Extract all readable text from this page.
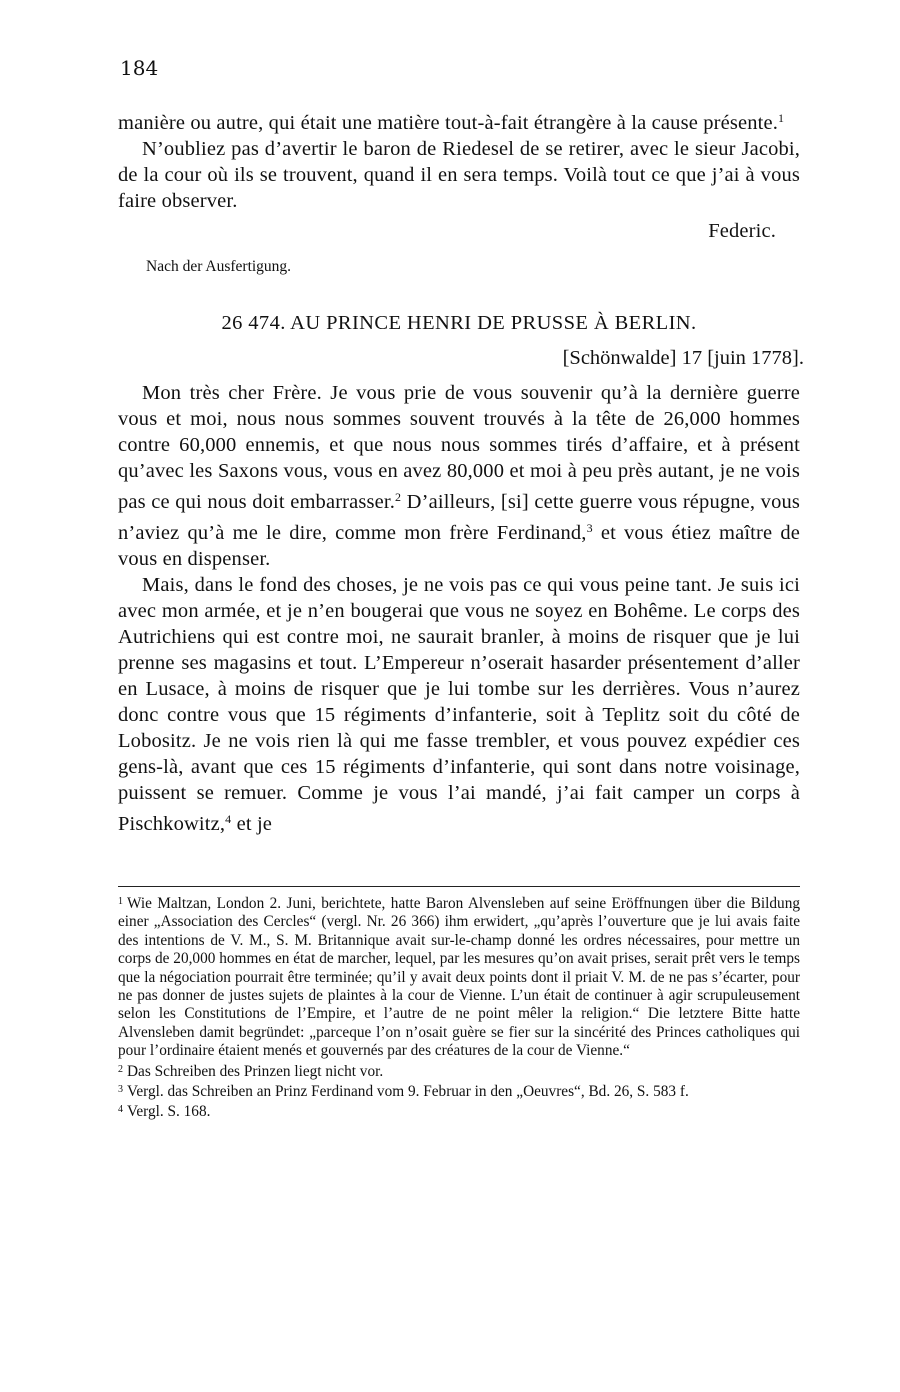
184

manière ou autre, qui était une matière tout-à-fait étrangère à la cause présente.$^1$

N’oubliez pas d’avertir le baron de Riedesel de se retirer, avec le sieur Jacobi, de la cour où ils se trouvent, quand il en sera temps. Voilà tout ce que j’ai à vous faire observer.

Federic.

Nach der Ausfertigung.
26 474. AU PRINCE HENRI DE PRUSSE À BERLIN.
[Schönwalde] 17 [juin 1778].

Mon très cher Frère. Je vous prie de vous souvenir qu’à la dernière guerre vous et moi, nous nous sommes souvent trouvés à la tête de 26,000 hommes contre 60,000 ennemis, et que nous nous sommes tirés d’affaire, et à présent qu’avec les Saxons vous, vous en avez 80,000 et moi à peu près autant, je ne vois pas ce qui nous doit embarrasser.$^2$ D’ailleurs, [si] cette guerre vous répugne, vous n’aviez qu’à me le dire, comme mon frère Ferdinand,$^3$ et vous étiez maître de vous en dispenser.

Mais, dans le fond des choses, je ne vois pas ce qui vous peine tant. Je suis ici avec mon armée, et je n’en bougerai que vous ne soyez en Bohême. Le corps des Autrichiens qui est contre moi, ne saurait branler, à moins de risquer que je lui prenne ses magasins et tout. L’Empereur n’oserait hasarder présentement d’aller en Lusace, à moins de risquer que je lui tombe sur les derrières. Vous n’aurez donc contre vous que 15 régiments d’infanterie, soit à Teplitz soit du côté de Lobositz. Je ne vois rien là qui me fasse trembler, et vous pouvez expédier ces gens-là, avant que ces 15 régiments d’infanterie, qui sont dans notre voisinage, puissent se remuer. Comme je vous l’ai mandé, j’ai fait camper un corps à Pischkowitz,$^4$ et je

$^1$ Wie Maltzan, London 2. Juni, berichtete, hatte Baron Alvensleben auf seine Eröffnungen über die Bildung einer „Association des Cercles“ (vergl. Nr. 26 366) ihm erwidert, „qu’après l’ouverture que je lui avais faite des intentions de V. M., S. M. Britannique avait sur-le-champ donné les ordres nécessaires, pour mettre un corps de 20,000 hommes en état de marcher, lequel, par les mesures qu’on avait prises, serait prêt vers le temps que la négociation pourrait être terminée; qu’il y avait deux points dont il priait V. M. de ne pas s’écarter, pour ne pas donner de justes sujets de plaintes à la cour de Vienne. L’un était de continuer à agir scrupuleusement selon les Constitutions de l’Empire, et l’autre de ne point mêler la religion.“ Die letztere Bitte hatte Alvensleben damit begründet: „parceque l’on n’osait guère se fier sur la sincérité des Princes catholiques qui pour l’ordinaire étaient menés et gouvernés par des créatures de la cour de Vienne.“

$^2$ Das Schreiben des Prinzen liegt nicht vor.

$^3$ Vergl. das Schreiben an Prinz Ferdinand vom 9. Februar in den „Oeuvres“, Bd. 26, S. 583 f.

$^4$ Vergl. S. 168.
